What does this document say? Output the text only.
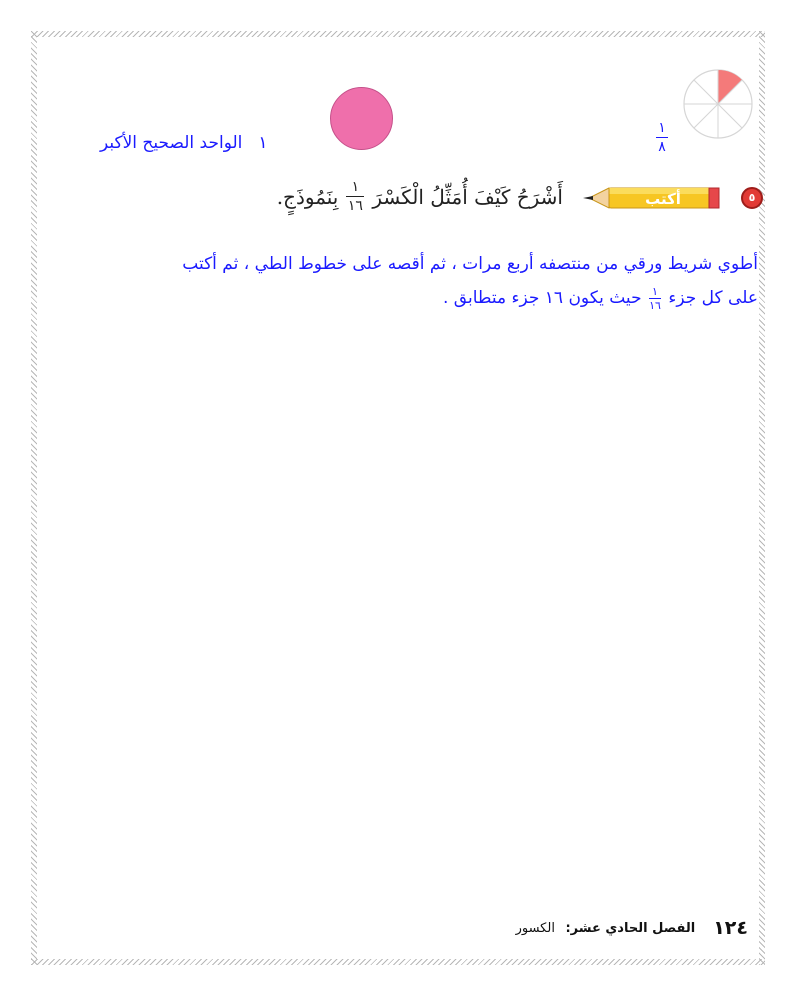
١
٨
١الواحد الصحيح الأكبر
٥
أكتب
أَشْرَحُ كَيْفَ أُمَثِّلُ الْكَسْرَ
$\frac{١}{١٦}$
بِنَمُوذَجٍ.
أطوي شريط ورقي من منتصفه أربع مرات ، ثم أقصه على خطوط الطي ، ثم أكتب
على كل جزء
$\frac{١}{١٦}$
حيث يكون ١٦ جزء متطابق .
١٢٤
الفصل الحادي عشر: الكسور
